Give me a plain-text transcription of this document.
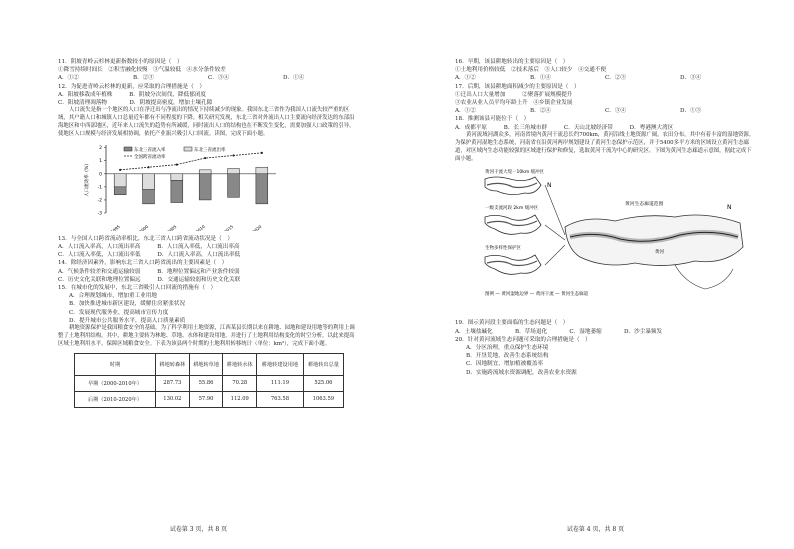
11．阴坡青岭云杉林更新指数较小的原因是（　）
①降雪持续时间长　②积雪融化较慢　③气温较低　④水分条件较差
A．①②	B．②③	C．③④	D．①④
12．为促进青岭云杉林的更新，应采取的合理措施是（　）
A．阳坡移栽成年植株　　　B．阴坡分次间伐，降低郁闭度
C．阳坡清理凋落物　　　　D．阴坡提高密度，增加土壤孔隙
人口流失是指一个地区的人口在净迁出与净流出的情况下持续减少的现象。我国东北三省作为我国人口流失较严重的区域，其户籍人口和城镇人口总量近年都有不同程度的下降。相关研究发现，东北三省对外流出人口主要流向经济发达的东部沿海地区和中西部地区，近年来人口流失的趋势有所减缓，同时流出人口的结构也在不断发生变化，需要加强人口政策的引导，使地区人口规模与经济发展相协调，依托产业振兴吸引人口回流。读图，完成下面小题。
人口流动率（%）
2
1
0
-1
-2
-3
东北三省流入率	东北三省流出率
全国跨省流动率
13．与全国人口跨省流动率相比，东北三省人口跨省流动状况是（　）
A．人口流入率高，人口流出率高　　　B．人口流入率低，人口流出率高
C．人口流入率低，人口流出率低　　　D．人口流入率高，人口流出率低
14．除经济因素外，影响东北三省人口跨省流出的主要因素是（　）
A．气候条件较差和交通运输较弱　　　B．地理位置偏远和产业条件较弱
C．历史文化关联和地理位置偏远　　　D．交通运输较弱和历史文化关联
15．在城市化的发展中，东北三省吸引人口回流的措施有（　）
A．合理规划城市，增加重工业用地
B．加快推进城市新区建设，缓解住房紧张状况
C．发展现代服务业，提高城市宣传力度
D．提升城市公共服务水平，提高人口质量素质
耕地资源保护是我国粮食安全的基础。为了科学利用土地资源，江西某县长期以来在耕地、园地和建设用地等的利用上调整了土地利用结构，其中，耕地主要转为林地、草地、水体和建设用地，并进行了土地利用结构变化的时空分析，以此来提高区域土地利用水平，保障区域粮食安全。下表为该县两个时期的土地利用转移统计（单位：km²），完成下面小题。
时期	耕地转森林	耕地转草地	耕地转水体	耕地转建设用地	耕地转出总量
早期（2000-2010年）	287.73	55.86	70.28	111.19	525.06
后期（2010-2020年）	130.02	57.90	112.09	763.58	1063.59
试卷第 3 页，共 8 页
16．早期，该县耕地转出的主要原因是（　）
①土地利用价格较低　②技术落后　③人口较少　④交通不便
A．①②	B．①④	C．②③	D．③④
17．后期，该县耕地面积减少的主要原因是（　）
①迁出人口大量增加　　　②聚落扩展规模提升
③农业从业人员平均年龄上升　④乡镇企业发展
A．①②	B．②④	C．③④	D．①③
18．推测该县可能位于（　）
A．成都平原　　　B．长三角城市群　　　C．天山北坡经济带　　　D．粤港澳大湾区
黄河流域河湖众多，河南省境内黄河干流总长约700km，黄河沿线土地资源广阔，农田分布，其中有着丰富的湿地资源。为保护黄河湿地生态系统，河南省在沿黄河两岸规划建设了黄河生态保护示范区，并于5400多平方米的区域设立黄河生态廊道，对区域内生态功能较强的区域进行保护和修复，选取黄河干流为中心的研究区。下图为黄河生态廊道示意图，据此完成下面小题。
黄河干流大堤一10km 缓冲区
N
一级支流河段 2km 缓冲区
生物多样性保护区
黄河生态廊道范围	N
黄河
图例 — 黄河湿地边界 — 黄河干流 — 黄河生态廊道
19．图示黄河段主要面临的生态问题是（　）
A．土壤盐碱化　　　　B．草场退化　　　　C．湿地萎缩　　　　D．沙尘暴频发
20．针对黄河流域生态问题可采取的合理措施是（　）
A．分区治理，重点保护生态环境
B．开垦荒地，改善生态系统结构
C．因地制宜，增加植被覆盖率
D．实施跨流域水资源调配，改善农业水资源
试卷第 4 页，共 8 页
